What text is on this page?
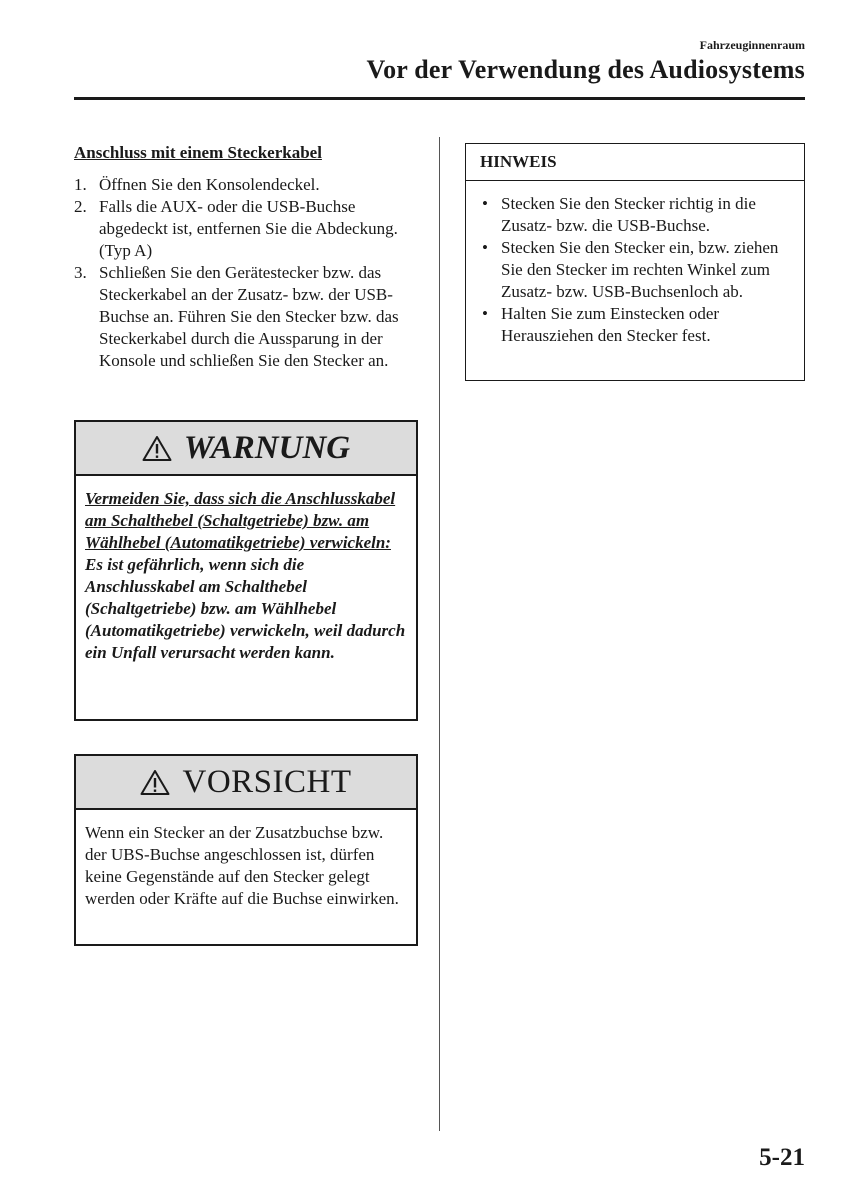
Fahrzeuginnenraum
Vor der Verwendung des Audiosystems
Anschluss mit einem Steckerkabel
1. Öffnen Sie den Konsolendeckel.
2. Falls die AUX- oder die USB-Buchse abgedeckt ist, entfernen Sie die Abdeckung. (Typ A)
3. Schließen Sie den Gerätestecker bzw. das Steckerkabel an der Zusatz- bzw. der USB-Buchse an. Führen Sie den Stecker bzw. das Steckerkabel durch die Aussparung in der Konsole und schließen Sie den Stecker an.
WARNUNG
Vermeiden Sie, dass sich die Anschlusskabel am Schalthebel (Schaltgetriebe) bzw. am Wählhebel (Automatikgetriebe) verwickeln:
Es ist gefährlich, wenn sich die Anschlusskabel am Schalthebel (Schaltgetriebe) bzw. am Wählhebel (Automatikgetriebe) verwickeln, weil dadurch ein Unfall verursacht werden kann.
VORSICHT
Wenn ein Stecker an der Zusatzbuchse bzw. der UBS-Buchse angeschlossen ist, dürfen keine Gegenstände auf den Stecker gelegt werden oder Kräfte auf die Buchse einwirken.
HINWEIS
• Stecken Sie den Stecker richtig in die Zusatz- bzw. die USB-Buchse.
• Stecken Sie den Stecker ein, bzw. ziehen Sie den Stecker im rechten Winkel zum Zusatz- bzw. USB-Buchsenloch ab.
• Halten Sie zum Einstecken oder Herausziehen den Stecker fest.
5-21
